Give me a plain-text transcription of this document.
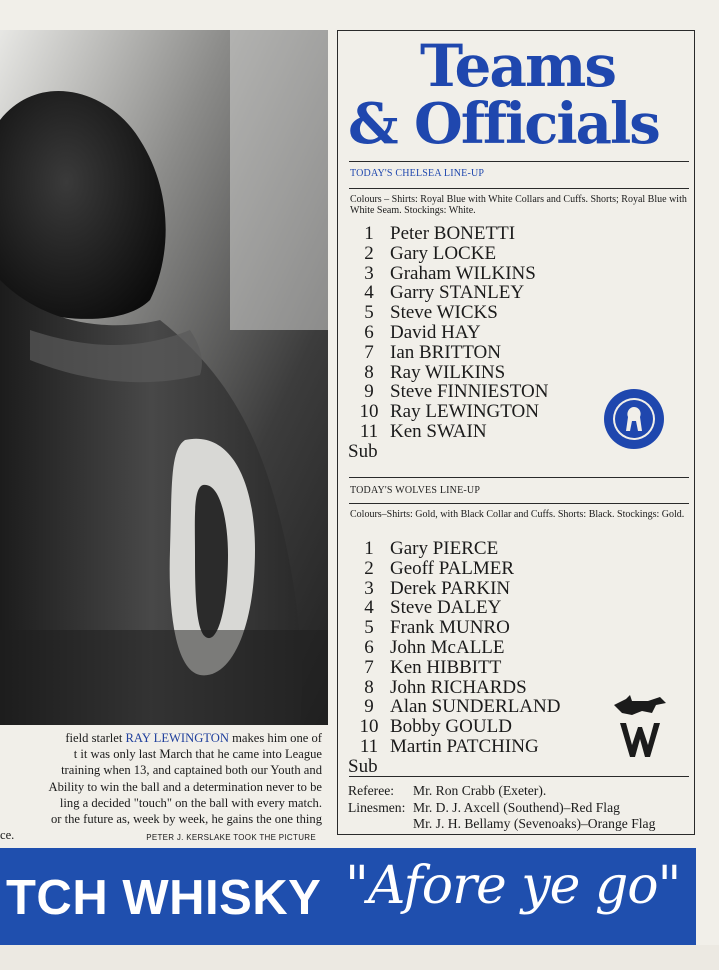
field starlet RAY LEWINGTON makes him one of
t it was only last March that he came into League
training when 13, and captained both our Youth and
Ability to win the ball and a determination never to be
ling a decided "touch" on the ball with every match.
or the future as, week by week, he gains the one thing
ce.	PETER J. KERSLAKE TOOK THE PICTURE
Teams
& Officials
TODAY'S CHELSEA LINE-UP
Colours – Shirts: Royal Blue with White Collars and Cuffs. Shorts; Royal Blue with White Seam. Stockings: White.
1 Peter BONETTI
2 Gary LOCKE
3 Graham WILKINS
4 Garry STANLEY
5 Steve WICKS
6 David HAY
7 Ian BRITTON
8 Ray WILKINS
9 Steve FINNIESTON
10 Ray LEWINGTON
11 Ken SWAIN
Sub
TODAY'S WOLVES LINE-UP
Colours–Shirts: Gold, with Black Collar and Cuffs. Shorts: Black. Stockings: Gold.
1 Gary PIERCE
2 Geoff PALMER
3 Derek PARKIN
4 Steve DALEY
5 Frank MUNRO
6 John McALLE
7 Ken HIBBITT
8 John RICHARDS
9 Alan SUNDERLAND
10 Bobby GOULD
11 Martin PATCHING
Sub
Referee: Mr. Ron Crabb (Exeter).
Linesmen: Mr. D. J. Axcell (Southend)–Red Flag
Mr. J. H. Bellamy (Sevenoaks)–Orange Flag
TCH WHISKY "Afore ye go"
